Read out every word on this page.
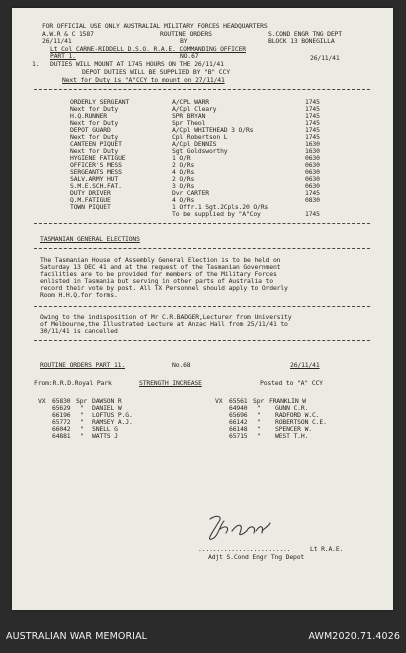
FOR OFFICIAL USE ONLY AUSTRALIAL MILITARY FORCES HEADQUARTERS
A.W.R & C 1587	ROUTINE ORDERS	S.COND ENGR TNG DEPT
26/11/41	BY	BLOCK 13 BONEGILLA
Lt Col CARNE-RIDDELL D.S.O. R.A.E. COMMANDING OFFICER
PART 1.	NO.67	26/11/41
1. DUTIES WILL MOUNT AT 1745 HOURS ON THE 26/11/41
DEPOT DUTIES WILL BE SUPPLIED BY "B" CCY
Next for Duty is "A"CCY to mount on 27/11/41
ORDERLY SERGEANT	A/CPL WARR	1745
Next for Duty	A/Cpl Cleary	1745
H.Q.RUNNER	SPR BRYAN	1745
Next for Duty	Spr Theol	1745
DEPOT GUARD	A/Cpl WHITEHEAD 3 O/Rs	1745
Next for Duty	Cpl Robertson L	1745
CANTEEN PIQUET	A/Cpl DENNIS	1630
Next for Duty	Sgt Goldsworthy	1630
HYGIENE FATIGUE	1 O/R	0630
OFFICER'S MESS	2 O/Rs	0630
SERGEANTS MESS	4 O/Rs	0630
SALV.ARMY HUT	2 O/Rs	0630
S.M.E.SCH.FAT.	3 O/Rs	0630
DUTY DRIVER	Dvr CARTER	1745
Q.M.FATIGUE	4 O/Rs	0830
TOWN PIQUET	1 Offr.1 Sgt.2Cpls.20 O/Rs
To be supplied by "A"Coy	1745
TASMANIAN GENERAL ELECTIONS
The Tasmanian House of Assembly General Election is to be held on
Saturday 13 DEC 41 and at the request of the Tasmanian Government
facilities are to be provided for members of the Military Forces
enlisted in Tasmania but serving in other parts of Australia to
record their vote by post. All TX Personnel should apply to Orderly
Room H.H.Q.for forms.
Owing to the indisposition of Mr C.R.BADGER,Lecturer from University
of Melbourne,the Illustrated Lecture at Anzac Hall from 25/11/41 to
30/11/41 is cancelled
ROUTINE ORDERS PART 11.	No.68	26/11/41
From:R.R.D.Royal Park	STRENGTH INCREASE	Posted to "A" CCY
VX 65830 Spr DAWSON R
65629 " DANIEL W
66196 " LOFTUS P.G.
65772 " RAMSEY A.J.
66042 " SNELL G
64881 " WATTS J
VX 65561 Spr FRANKLIN W
64940 " GUNN C.R.
65696 " RADFORD W.C.
66142 " ROBERTSON C.E.
66148 " SPENCER W.
65715 " WEST T.H.
.........................	Lt R.A.E.
Adjt S.Cond Engr Tng Depot
AUSTRALIAN WAR MEMORIAL	AWM2020.71.4026
